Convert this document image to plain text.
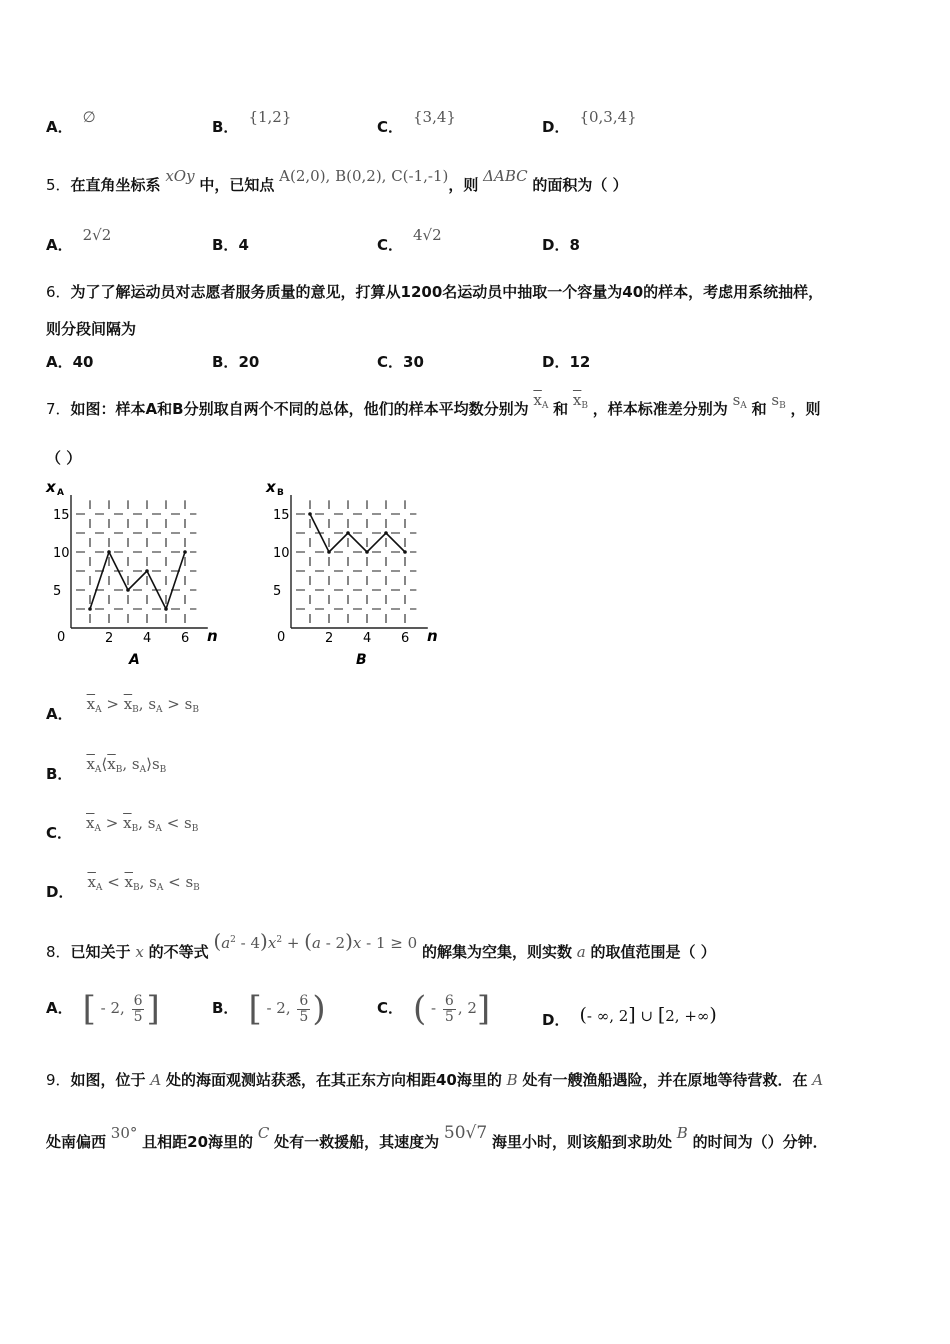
A．∅
B．{1,2}
C．{3,4}
D．{0,3,4}
5．在直角坐标系 xOy 中，已知点 A(2,0), B(0,2), C(-1,-1)，则 ΔABC 的面积为（ ）
A．2√2
B．4	C．4√2
D．8
6．为了了解运动员对志愿者服务质量的意见，打算从1200名运动员中抽取一个容量为40的样本，考虑用系统抽样，
则分段间隔为
A．40	B．20	C．30	D．12
7．如图：样本A和B分别取自两个不同的总体，他们的样本平均数分别为 $\overline{x}_A$ 和 $\overline{x}_B$ ，样本标准差分别为 $s_A$ 和 $s_B$ ，则
（ ）
15
10
5
2 4 6
x A
0	n
A
15
10
5
2 4 6
x B
0	n
B
A．$\overline{x}_A > \overline{x}_B$, $s_A > s_B$
B．$\overline{x}_A⟨\overline{x}_B$, $s_A⟩s_B$
C．$\overline{x}_A > \overline{x}_B$, $s_A < s_B$
D．$\overline{x}_A < \overline{x}_B$, $s_A < s_B$
8．已知关于 x 的不等式 $(a^2 - 4)x^2 + (a - 2)x - 1 \ge 0$ 的解集为空集，则实数 a 的取值范围是（ ）
A． [ - 2, $\frac{6}{5}$ ]	B． [ - 2, $\frac{6}{5}$ )	C． ( - $\frac{6}{5}$ , 2]	D． (- ∞, 2] ∪ [2, +∞)
9．如图，位于 A 处的海面观测站获悉，在其正东方向相距40海里的 B 处有一艘渔船遇险，并在原地等待营救．在 A
处南偏西 30° 且相距20海里的 C 处有一救援船，其速度为 50√7 海里小时，则该船到求助处 B 的时间为（）分钟．
